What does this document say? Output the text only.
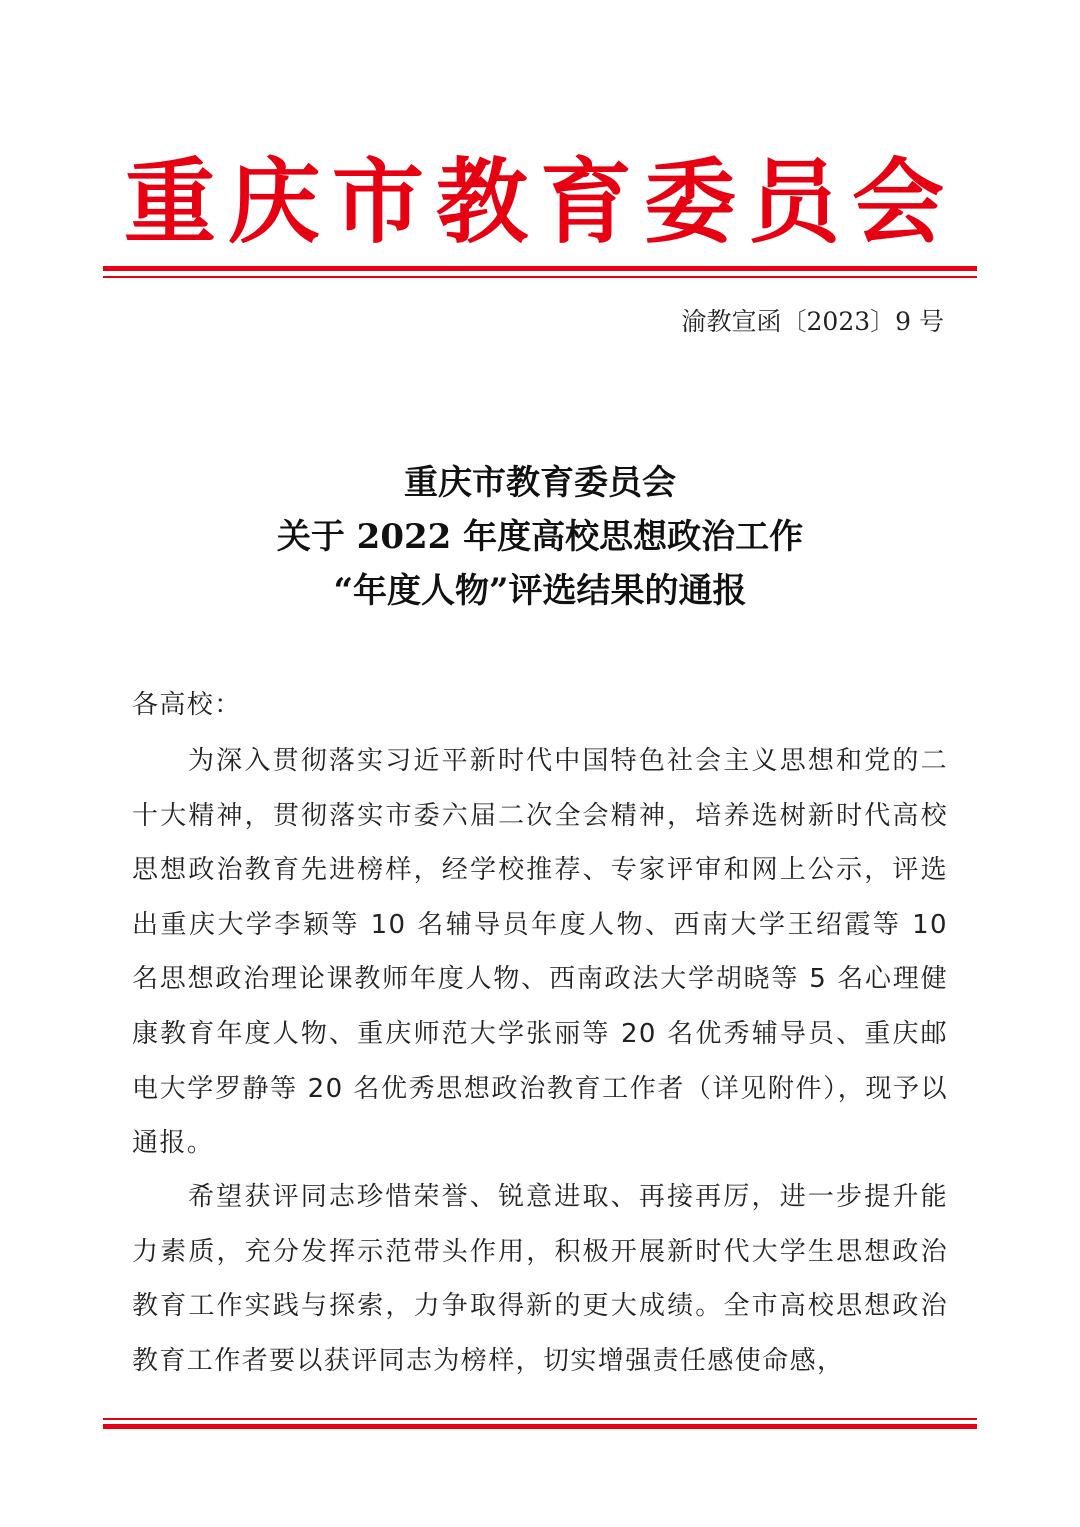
重庆市教育委员会
渝教宣函〔2023〕9 号
重庆市教育委员会
关于 2022 年度高校思想政治工作
“年度人物”评选结果的通报
各高校：

为深入贯彻落实习近平新时代中国特色社会主义思想和党的二十大精神，贯彻落实市委六届二次全会精神，培养选树新时代高校思想政治教育先进榜样，经学校推荐、专家评审和网上公示，评选出重庆大学李颖等 10 名辅导员年度人物、西南大学王绍霞等 10 名思想政治理论课教师年度人物、西南政法大学胡晓等 5 名心理健康教育年度人物、重庆师范大学张丽等 20 名优秀辅导员、重庆邮电大学罗静等 20 名优秀思想政治教育工作者（详见附件），现予以通报。

希望获评同志珍惜荣誉、锐意进取、再接再厉，进一步提升能力素质，充分发挥示范带头作用，积极开展新时代大学生思想政治教育工作实践与探索，力争取得新的更大成绩。全市高校思想政治教育工作者要以获评同志为榜样，切实增强责任感使命感，
